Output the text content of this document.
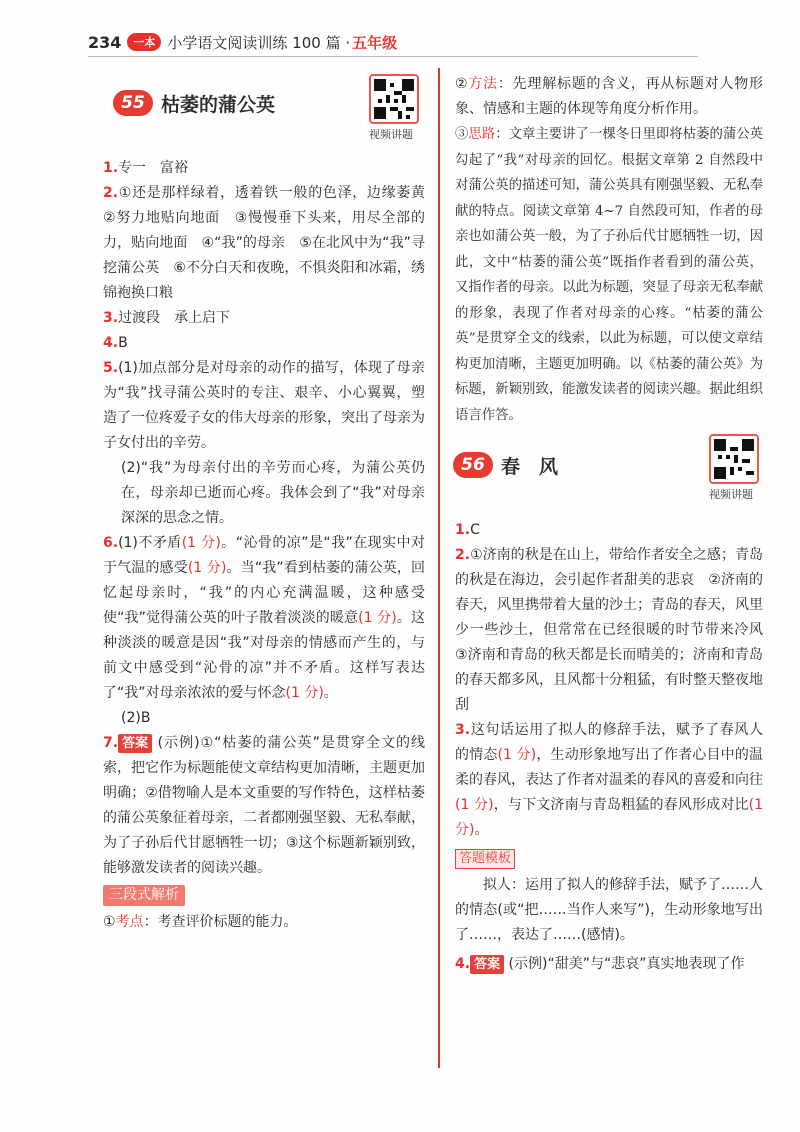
234	一本 小学语文阅读训练 100 篇 · 五年级
55 枯萎的蒲公英
视频讲题
1.专一　富裕
2.①还是那样绿着，透着铁一般的色泽，边缘萎黄　②努力地贴向地面　③慢慢垂下头来，用尽全部的力，贴向地面　④“我”的母亲　⑤在北风中为“我”寻挖蒲公英　⑥不分白天和夜晚，不惧炎阳和冰霜，绣锦袍换口粮
3.过渡段　承上启下
4.B
5.(1)加点部分是对母亲的动作的描写，体现了母亲为“我”找寻蒲公英时的专注、艰辛、小心翼翼，塑造了一位疼爱子女的伟大母亲的形象，突出了母亲为子女付出的辛劳。
(2)“我”为母亲付出的辛劳而心疼，为蒲公英仍在，母亲却已逝而心疼。我体会到了“我”对母亲深深的思念之情。
6.(1)不矛盾(1 分)。“沁骨的凉”是“我”在现实中对于气温的感受(1 分)。当“我”看到枯萎的蒲公英，回忆起母亲时，“我”的内心充满温暖，这种感受使“我”觉得蒲公英的叶子散着淡淡的暖意(1 分)。这种淡淡的暖意是因“我”对母亲的情感而产生的，与前文中感受到“沁骨的凉”并不矛盾。这样写表达了“我”对母亲浓浓的爱与怀念(1 分)。
(2)B
7. 答案 (示例)①“枯萎的蒲公英”是贯穿全文的线索，把它作为标题能使文章结构更加清晰，主题更加明确；②借物喻人是本文重要的写作特色，这样枯萎的蒲公英象征着母亲，二者都刚强坚毅、无私奉献，为了子孙后代甘愿牺牲一切；③这个标题新颖别致，能够激发读者的阅读兴趣。
三段式解析
①考点：考查评价标题的能力。
②方法：先理解标题的含义，再从标题对人物形象、情感和主题的体现等角度分析作用。
③思路：文章主要讲了一棵冬日里即将枯萎的蒲公英勾起了“我”对母亲的回忆。根据文章第 2 自然段中对蒲公英的描述可知，蒲公英具有刚强坚毅、无私奉献的特点。阅读文章第 4~7 自然段可知，作者的母亲也如蒲公英一般，为了子孙后代甘愿牺牲一切，因此，文中“枯萎的蒲公英”既指作者看到的蒲公英，又指作者的母亲。以此为标题，突显了母亲无私奉献的形象，表现了作者对母亲的心疼。“枯萎的蒲公英”是贯穿全文的线索，以此为标题，可以使文章结构更加清晰，主题更加明确。以《枯萎的蒲公英》为标题，新颖别致，能激发读者的阅读兴趣。据此组织语言作答。
56 春　风
视频讲题
1.C
2.①济南的秋是在山上，带给作者安全之感；青岛的秋是在海边，会引起作者甜美的悲哀　②济南的春天，风里携带着大量的沙土；青岛的春天，风里少一些沙土，但常常在已经很暖的时节带来冷风　③济南和青岛的秋天都是长而晴美的；济南和青岛的春天都多风，且风都十分粗猛，有时整天整夜地刮
3.这句话运用了拟人的修辞手法，赋予了春风人的情态(1 分)，生动形象地写出了作者心目中的温柔的春风，表达了作者对温柔的春风的喜爱和向往(1 分)，与下文济南与青岛粗猛的春风形成对比(1 分)。
答题模板
拟人：运用了拟人的修辞手法，赋予了……人的情态(或“把……当作人来写”)，生动形象地写出了……，表达了……(感情)。
4. 答案 (示例)“甜美”与“悲哀”真实地表现了作
